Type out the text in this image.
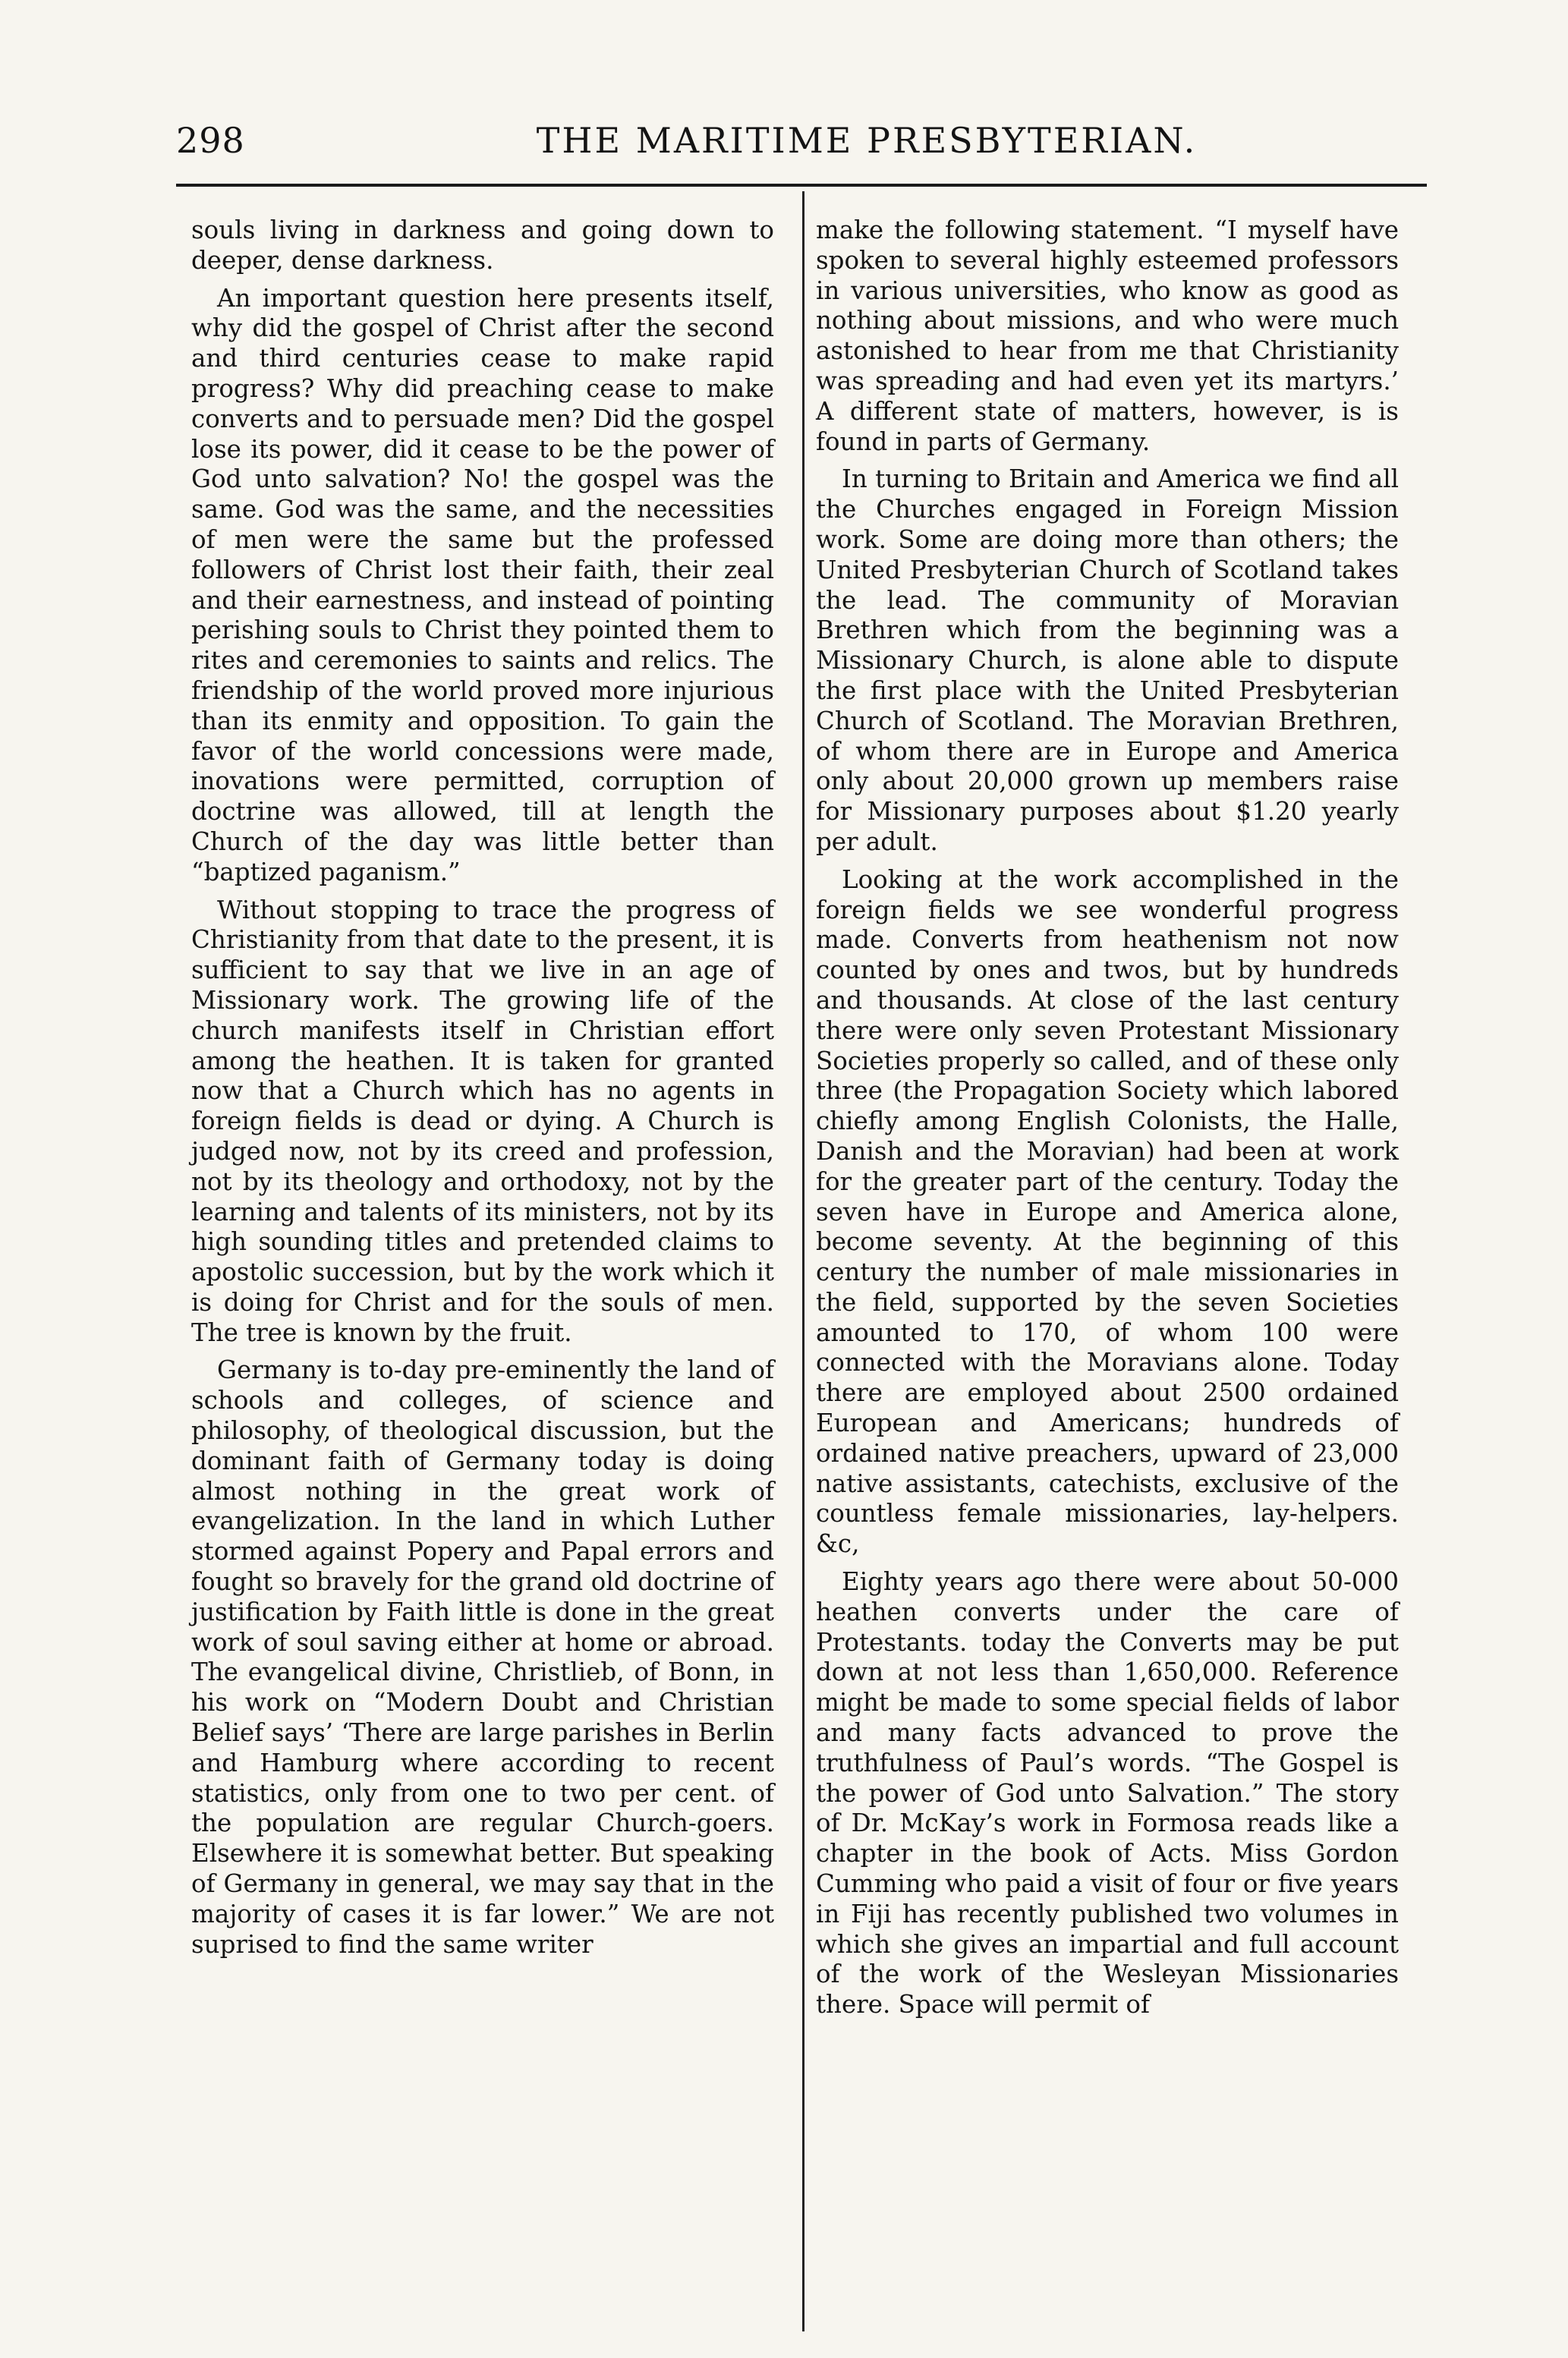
298	THE MARITIME PRESBYTERIAN.

souls living in darkness and going down to deeper, dense darkness.

An important question here presents itself, why did the gospel of Christ after the second and third centuries cease to make rapid progress? Why did preaching cease to make converts and to persuade men? Did the gospel lose its power, did it cease to be the power of God unto salvation? No! the gospel was the same. God was the same, and the necessities of men were the same but the professed followers of Christ lost their faith, their zeal and their earnestness, and instead of pointing perishing souls to Christ they pointed them to rites and ceremonies to saints and relics. The friendship of the world proved more injurious than its enmity and opposition. To gain the favor of the world concessions were made, inovations were permitted, corruption of doctrine was allowed, till at length the Church of the day was little better than “baptized paganism.”

Without stopping to trace the progress of Christianity from that date to the present, it is sufficient to say that we live in an age of Missionary work. The growing life of the church manifests itself in Christian effort among the heathen. It is taken for granted now that a Church which has no agents in foreign fields is dead or dying. A Church is judged now, not by its creed and profession, not by its theology and orthodoxy, not by the learning and talents of its ministers, not by its high sounding titles and pretended claims to apostolic succession, but by the work which it is doing for Christ and for the souls of men. The tree is known by the fruit.

Germany is to-day pre-eminently the land of schools and colleges, of science and philosophy, of theological discussion, but the dominant faith of Germany today is doing almost nothing in the great work of evangelization. In the land in which Luther stormed against Popery and Papal errors and fought so bravely for the grand old doctrine of justification by Faith little is done in the great work of soul saving either at home or abroad. The evangelical divine, Christlieb, of Bonn, in his work on “Modern Doubt and Christian Belief says’ ‘There are large parishes in Berlin and Hamburg where according to recent statistics, only from one to two per cent. of the population are regular Church-goers. Elsewhere it is somewhat better. But speaking of Germany in general, we may say that in the majority of cases it is far lower.” We are not suprised to find the same writer

make the following statement. “I myself have spoken to several highly esteemed professors in various universities, who know as good as nothing about missions, and who were much astonished to hear from me that Christianity was spreading and had even yet its martyrs.’ A different state of matters, however, is is found in parts of Germany.

In turning to Britain and America we find all the Churches engaged in Foreign Mission work. Some are doing more than others; the United Presbyterian Church of Scotland takes the lead. The community of Moravian Brethren which from the beginning was a Missionary Church, is alone able to dispute the first place with the United Presbyterian Church of Scotland. The Moravian Brethren, of whom there are in Europe and America only about 20,000 grown up members raise for Missionary purposes about $1.20 yearly per adult.

Looking at the work accomplished in the foreign fields we see wonderful progress made. Converts from heathenism not now counted by ones and twos, but by hundreds and thousands. At close of the last century there were only seven Protestant Missionary Societies properly so called, and of these only three (the Propagation Society which labored chiefly among English Colonists, the Halle, Danish and the Moravian) had been at work for the greater part of the century. Today the seven have in Europe and America alone, become seventy. At the beginning of this century the number of male missionaries in the field, supported by the seven Societies amounted to 170, of whom 100 were connected with the Moravians alone. Today there are employed about 2500 ordained European and Americans; hundreds of ordained native preachers, upward of 23,000 native assistants, catechists, exclusive of the countless female missionaries, lay-helpers. &c,

Eighty years ago there were about 50-000 heathen converts under the care of Protestants. today the Converts may be put down at not less than 1,650,000. Reference might be made to some special fields of labor and many facts advanced to prove the truthfulness of Paul’s words. “The Gospel is the power of God unto Salvation.” The story of Dr. McKay’s work in Formosa reads like a chapter in the book of Acts. Miss Gordon Cumming who paid a visit of four or five years in Fiji has recently published two volumes in which she gives an impartial and full account of the work of the Wesleyan Missionaries there. Space will permit of
